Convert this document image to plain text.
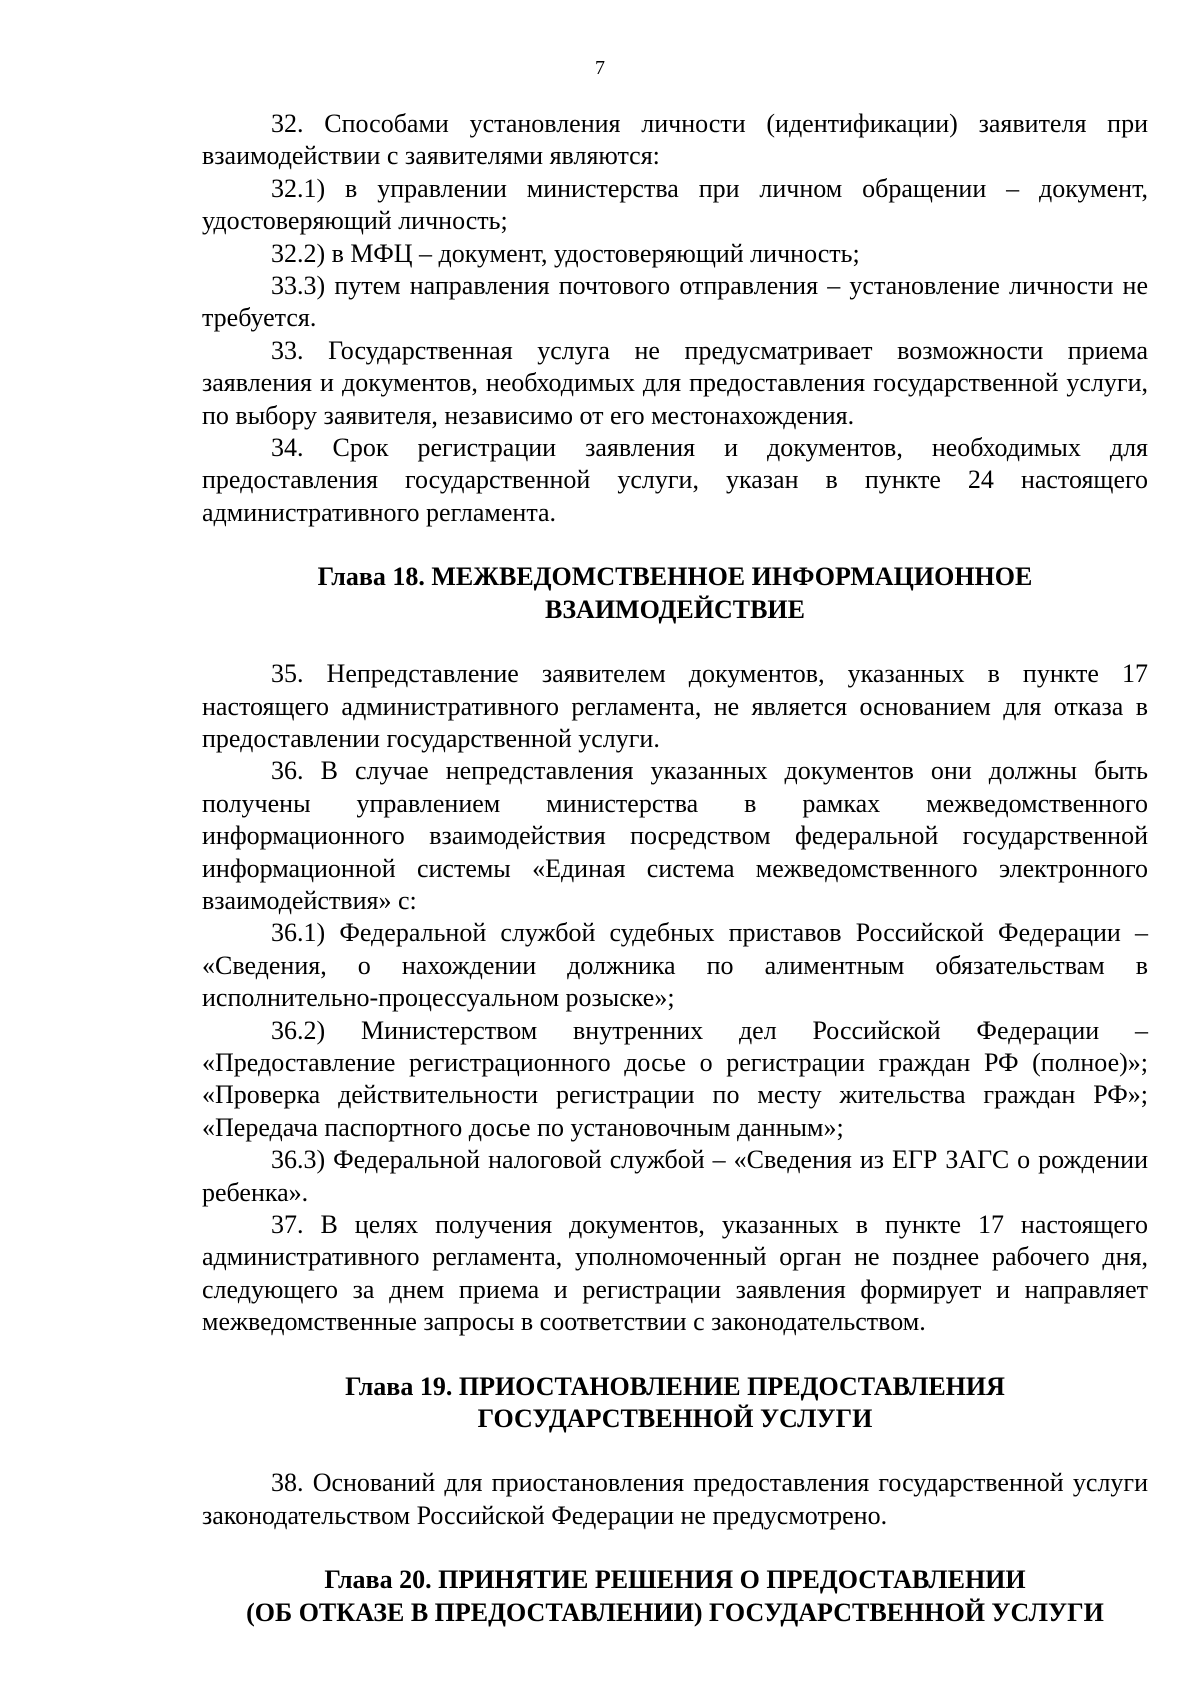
7

32. Способами установления личности (идентификации) заявителя при взаимодействии с заявителями являются:

32.1) в управлении министерства при личном обращении – документ, удостоверяющий личность;

32.2) в МФЦ – документ, удостоверяющий личность;

33.3) путем направления почтового отправления – установление личности не требуется.

33. Государственная услуга не предусматривает возможности приема заявления и документов, необходимых для предоставления государственной услуги, по выбору заявителя, независимо от его местонахождения.

34. Срок регистрации заявления и документов, необходимых для предоставления государственной услуги, указан в пункте 24 настоящего административного регламента.

Глава 18. МЕЖВЕДОМСТВЕННОЕ ИНФОРМАЦИОННОЕ
ВЗАИМОДЕЙСТВИЕ

35. Непредставление заявителем документов, указанных в пункте 17 настоящего административного регламента, не является основанием для отказа в предоставлении государственной услуги.

36. В случае непредставления указанных документов они должны быть получены управлением министерства в рамках межведомственного информационного взаимодействия посредством федеральной государственной информационной системы «Единая система межведомственного электронного взаимодействия» с:

36.1) Федеральной службой судебных приставов Российской Федерации – «Сведения, о нахождении должника по алиментным обязательствам в исполнительно-процессуальном розыске»;

36.2) Министерством внутренних дел Российской Федерации – «Предоставление регистрационного досье о регистрации граждан РФ (полное)»; «Проверка действительности регистрации по месту жительства граждан РФ»; «Передача паспортного досье по установочным данным»;

36.3) Федеральной налоговой службой – «Сведения из ЕГР ЗАГС о рождении ребенка».

37. В целях получения документов, указанных в пункте 17 настоящего административного регламента, уполномоченный орган не позднее рабочего дня, следующего за днем приема и регистрации заявления формирует и направляет межведомственные запросы в соответствии с законодательством.

Глава 19. ПРИОСТАНОВЛЕНИЕ ПРЕДОСТАВЛЕНИЯ
ГОСУДАРСТВЕННОЙ УСЛУГИ

38. Оснований для приостановления предоставления государственной услуги законодательством Российской Федерации не предусмотрено.

Глава 20. ПРИНЯТИЕ РЕШЕНИЯ О ПРЕДОСТАВЛЕНИИ
(ОБ ОТКАЗЕ В ПРЕДОСТАВЛЕНИИ) ГОСУДАРСТВЕННОЙ УСЛУГИ
